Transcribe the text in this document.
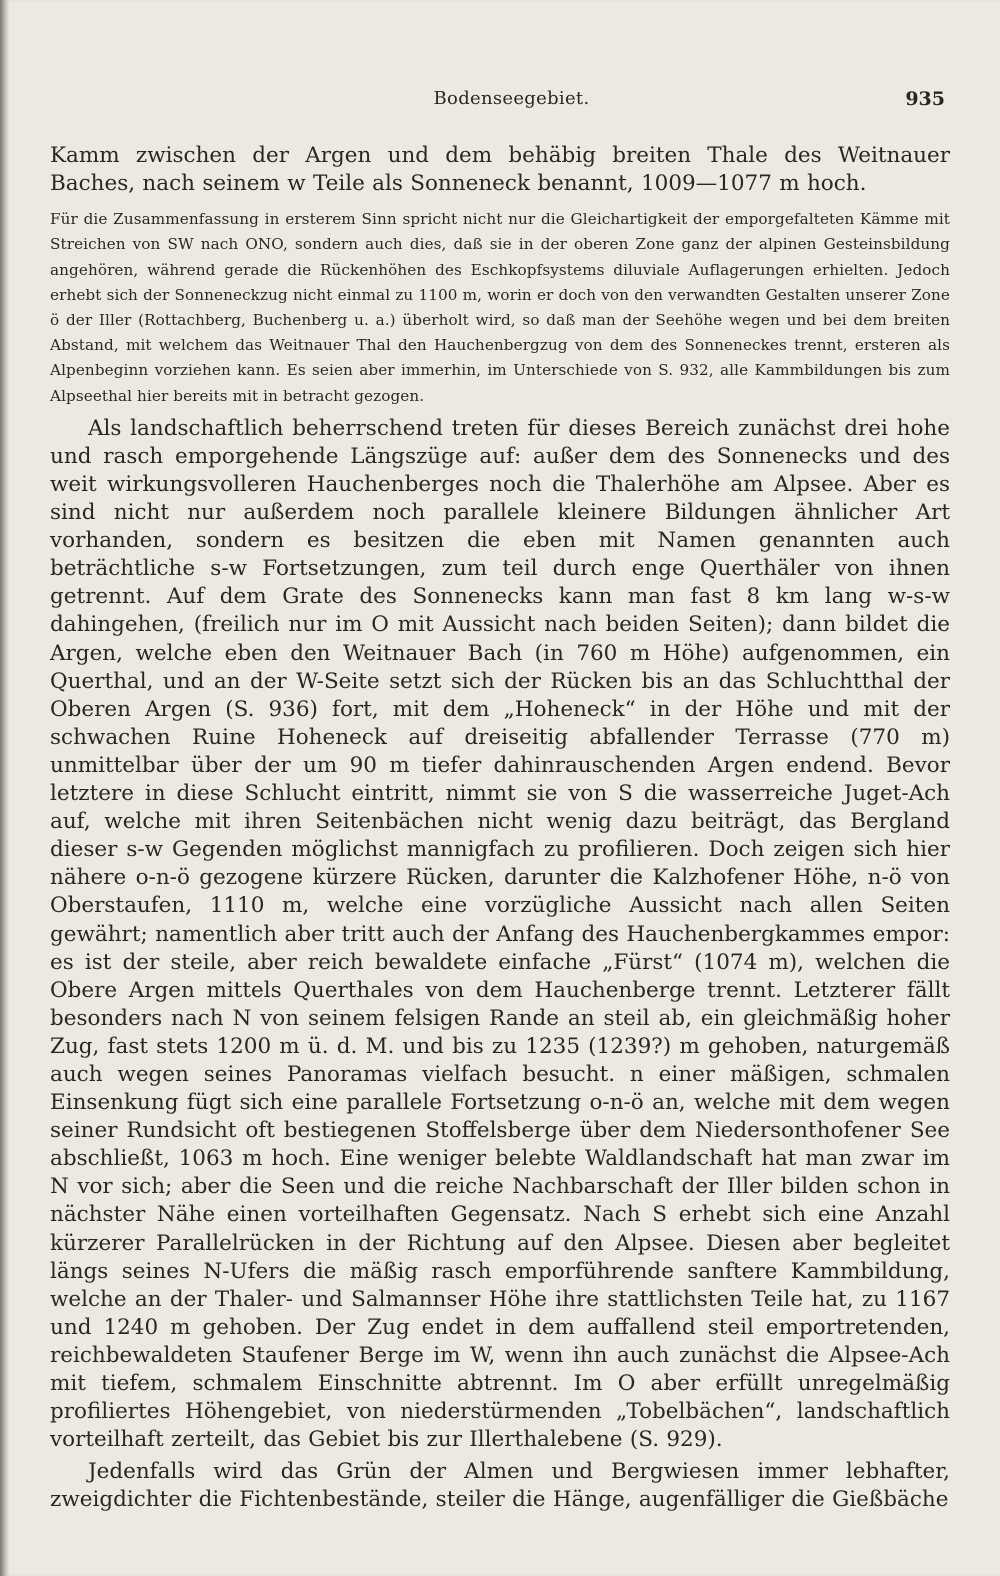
Bodenseegebiet.	935

Kamm zwischen der Argen und dem behäbig breiten Thale des Weitnauer Baches, nach seinem w Teile als Sonneneck benannt, 1009—1077 m hoch.

Für die Zusammenfassung in ersterem Sinn spricht nicht nur die Gleichartigkeit der emporgefalteten Kämme mit Streichen von SW nach ONO, sondern auch dies, daß sie in der oberen Zone ganz der alpinen Gesteinsbildung angehören, während gerade die Rückenhöhen des Eschkopfsystems diluviale Auflagerungen erhielten. Jedoch erhebt sich der Sonneneckzug nicht einmal zu 1100 m, worin er doch von den verwandten Gestalten unserer Zone ö der Iller (Rottachberg, Buchenberg u. a.) überholt wird, so daß man der Seehöhe wegen und bei dem breiten Abstand, mit welchem das Weitnauer Thal den Hauchenbergzug von dem des Sonneneckes trennt, ersteren als Alpenbeginn vorziehen kann. Es seien aber immerhin, im Unterschiede von S. 932, alle Kammbildungen bis zum Alpseethal hier bereits mit in betracht gezogen.

Als landschaftlich beherrschend treten für dieses Bereich zunächst drei hohe und rasch emporgehende Längszüge auf: außer dem des Sonnenecks und des weit wirkungsvolleren Hauchenberges noch die Thalerhöhe am Alpsee. Aber es sind nicht nur außerdem noch parallele kleinere Bildungen ähnlicher Art vorhanden, sondern es besitzen die eben mit Namen genannten auch beträchtliche s-w Fortsetzungen, zum teil durch enge Querthäler von ihnen getrennt. Auf dem Grate des Sonnenecks kann man fast 8 km lang w-s-w dahingehen, (freilich nur im O mit Aussicht nach beiden Seiten); dann bildet die Argen, welche eben den Weitnauer Bach (in 760 m Höhe) aufgenommen, ein Querthal, und an der W-Seite setzt sich der Rücken bis an das Schluchtthal der Oberen Argen (S. 936) fort, mit dem „Hoheneck“ in der Höhe und mit der schwachen Ruine Hoheneck auf dreiseitig abfallender Terrasse (770 m) unmittelbar über der um 90 m tiefer dahinrauschenden Argen endend. Bevor letztere in diese Schlucht eintritt, nimmt sie von S die wasserreiche Juget-Ach auf, welche mit ihren Seitenbächen nicht wenig dazu beiträgt, das Bergland dieser s-w Gegenden möglichst mannigfach zu profilieren. Doch zeigen sich hier nähere o-n-ö gezogene kürzere Rücken, darunter die Kalzhofener Höhe, n-ö von Oberstaufen, 1110 m, welche eine vorzügliche Aussicht nach allen Seiten gewährt; namentlich aber tritt auch der Anfang des Hauchenbergkammes empor: es ist der steile, aber reich bewaldete einfache „Fürst“ (1074 m), welchen die Obere Argen mittels Querthales von dem Hauchenberge trennt. Letzterer fällt besonders nach N von seinem felsigen Rande an steil ab, ein gleichmäßig hoher Zug, fast stets 1200 m ü. d. M. und bis zu 1235 (1239?) m gehoben, naturgemäß auch wegen seines Panoramas vielfach besucht. n einer mäßigen, schmalen Einsenkung fügt sich eine parallele Fortsetzung o-n-ö an, welche mit dem wegen seiner Rundsicht oft bestiegenen Stoffelsberge über dem Niedersonthofener See abschließt, 1063 m hoch. Eine weniger belebte Waldlandschaft hat man zwar im N vor sich; aber die Seen und die reiche Nachbarschaft der Iller bilden schon in nächster Nähe einen vorteilhaften Gegensatz. Nach S erhebt sich eine Anzahl kürzerer Parallelrücken in der Richtung auf den Alpsee. Diesen aber begleitet längs seines N-Ufers die mäßig rasch emporführende sanftere Kammbildung, welche an der Thaler- und Salmannser Höhe ihre stattlichsten Teile hat, zu 1167 und 1240 m gehoben. Der Zug endet in dem auffallend steil emportretenden, reichbewaldeten Staufener Berge im W, wenn ihn auch zunächst die Alpsee-Ach mit tiefem, schmalem Einschnitte abtrennt. Im O aber erfüllt unregelmäßig profiliertes Höhengebiet, von niederstürmenden „Tobelbächen“, landschaftlich vorteilhaft zerteilt, das Gebiet bis zur Illerthalebene (S. 929).

Jedenfalls wird das Grün der Almen und Bergwiesen immer lebhafter, zweigdichter die Fichtenbestände, steiler die Hänge, augenfälliger die Gießbäche
